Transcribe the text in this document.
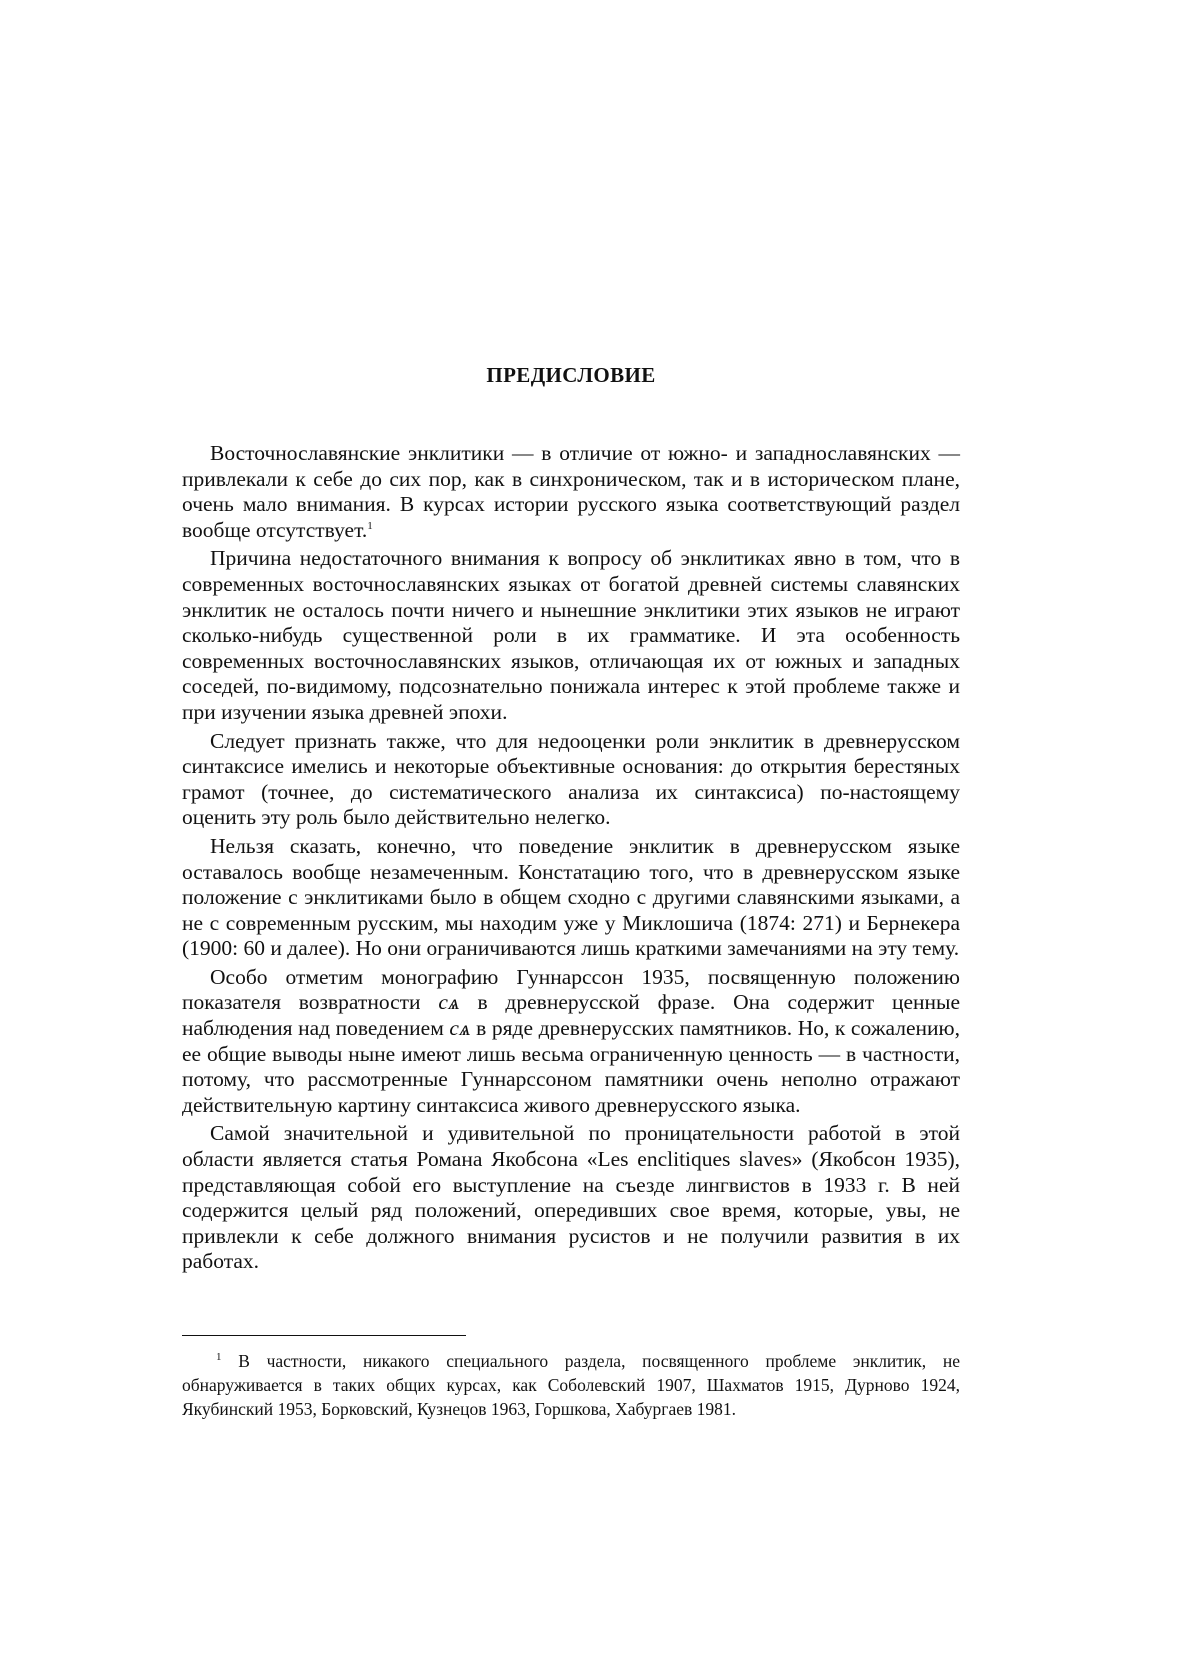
ПРЕДИСЛОВИЕ

Восточнославянские энклитики — в отличие от южно- и западнославянских — привлекали к себе до сих пор, как в синхроническом, так и в историческом плане, очень мало внимания. В курсах истории русского языка соответствующий раздел вообще отсутствует.$^1$

Причина недостаточного внимания к вопросу об энклитиках явно в том, что в современных восточнославянских языках от богатой древней системы славянских энклитик не осталось почти ничего и нынешние энклитики этих языков не играют сколько-нибудь существенной роли в их грамматике. И эта особенность современных восточнославянских языков, отличающая их от южных и западных соседей, по-видимому, подсознательно понижала интерес к этой проблеме также и при изучении языка древней эпохи.

Следует признать также, что для недооценки роли энклитик в древнерусском синтаксисе имелись и некоторые объективные основания: до открытия берестяных грамот (точнее, до систематического анализа их синтаксиса) по-настоящему оценить эту роль было действительно нелегко.

Нельзя сказать, конечно, что поведение энклитик в древнерусском языке оставалось вообще незамеченным. Констатацию того, что в древнерусском языке положение с энклитиками было в общем сходно с другими славянскими языками, а не с современным русским, мы находим уже у Миклошича (1874: 271) и Бернекера (1900: 60 и далее). Но они ограничиваются лишь краткими замечаниями на эту тему.

Особо отметим монографию Гуннарссон 1935, посвященную положению показателя возвратности сѧ в древнерусской фразе. Она содержит ценные наблюдения над поведением сѧ в ряде древнерусских памятников. Но, к сожалению, ее общие выводы ныне имеют лишь весьма ограниченную ценность — в частности, потому, что рассмотренные Гуннарссоном памятники очень неполно отражают действительную картину синтаксиса живого древнерусского языка.

Самой значительной и удивительной по проницательности работой в этой области является статья Романа Якобсона «Les enclitiques slaves» (Якобсон 1935), представляющая собой его выступление на съезде лингвистов в 1933 г. В ней содержится целый ряд положений, опередивших свое время, которые, увы, не привлекли к себе должного внимания русистов и не получили развития в их работах.

$^1$ В частности, никакого специального раздела, посвященного проблеме энклитик, не обнаруживается в таких общих курсах, как Соболевский 1907, Шахматов 1915, Дурново 1924, Якубинский 1953, Борковский, Кузнецов 1963, Горшкова, Хабургаев 1981.
